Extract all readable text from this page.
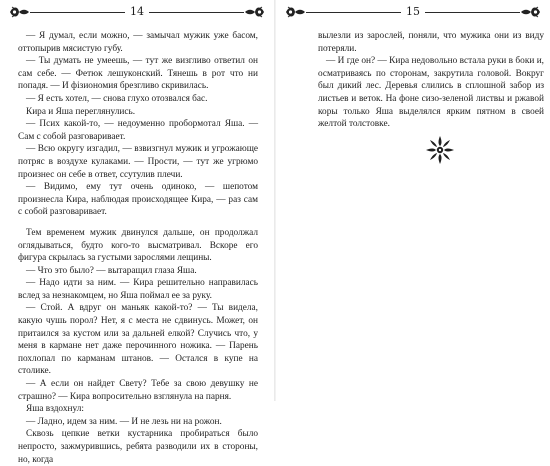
14

— Я думал, если можно, — замычал мужик уже басом, оттопырив мясистую губу.

— Ты думать не умеешь, — тут же визгливо ответил он сам себе. — Фетюк лешуконский. Тянешь в рот что ни попадя. — И фізиономия брезгливо скривилась.

— Я есть хотел, — снова глухо отозвался бас.

Кира и Яша переглянулись.

— Псих какой-то, — недоуменно пробормотал Яша. — Сам с собой разговаривает.

— Всю округу изгадил, — взвизгнул мужик и угрожающе потряс в воздухе кулаками. — Прости, — тут же угрюмо произнес он себе в ответ, ссутулив плечи.

— Видимо, ему тут очень одиноко, — шепотом произнесла Кира, наблюдая происходящее Кира, — раз сам с собой разговаривает.

Тем временем мужик двинулся дальше, он продолжал оглядываться, будто кого-то высматривал. Вскоре его фигура скрылась за густыми зарослями лещины.

— Что это было? — вытаращил глаза Яша.

— Надо идти за ним. — Кира решительно направилась вслед за незнакомцем, но Яша поймал ее за руку.

— Стой. А вдруг он маньяк какой-то? — Ты видела, какую чушь порол? Нет, я с места не сдвинусь. Может, он притаился за кустом или за дальней елкой? Случись что, у меня в кармане нет даже перочинного ножика. — Парень похлопал по карманам штанов. — Остался в купе на столике.

— А если он найдет Свету? Тебе за свою девушку не страшно? — Кира вопросительно взглянула на парня.

Яша вздохнул:

— Ладно, идем за ним. — И не лезь ни на рожон.

Сквозь цепкие ветки кустарника пробираться было непросто, зажмурившись, ребята разводили их в стороны, но, когда

15

вылезли из зарослей, поняли, что мужика они из виду потеряли.

— И где он? — Кира недовольно встала руки в боки и, осматриваясь по сторонам, закрутила головой. Вокруг был дикий лес. Деревья слились в сплошной забор из листьев и веток. На фоне сизо-зеленой листвы и ржавой коры только Яша выделялся ярким пятном в своей желтой толстовке.
